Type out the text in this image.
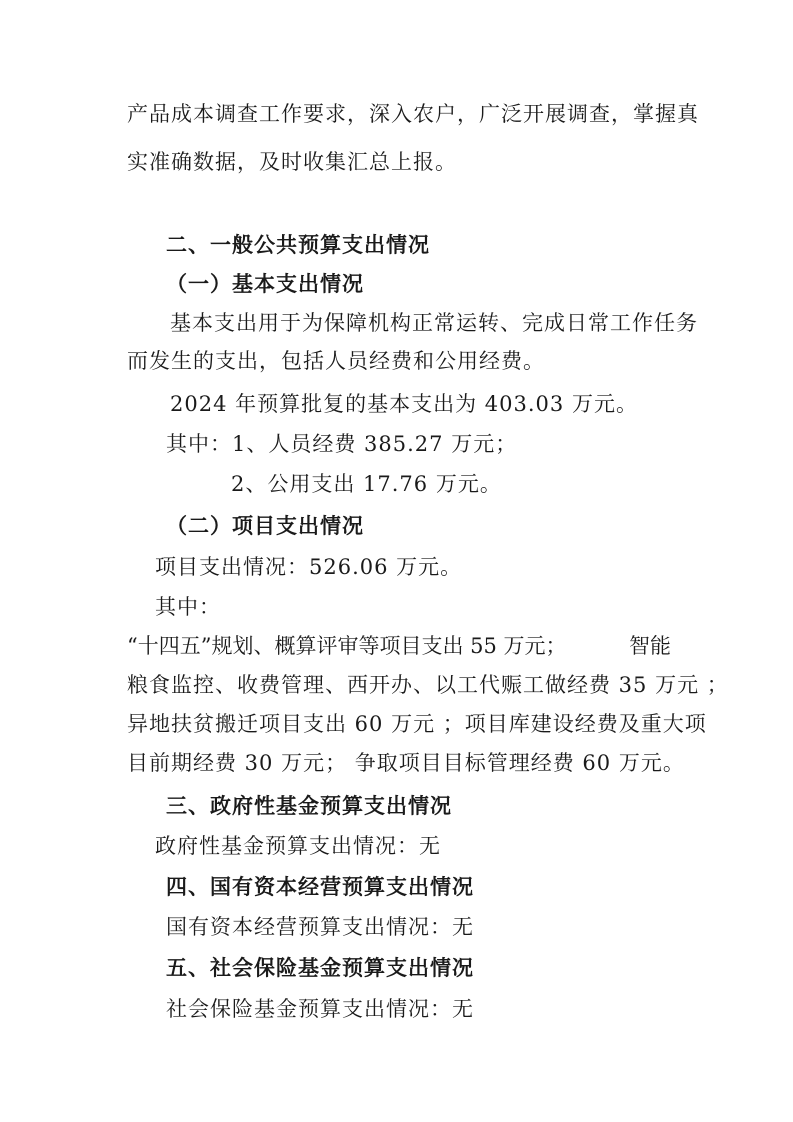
产品成本调查工作要求，深入农户，广泛开展调查，掌握真
实准确数据，及时收集汇总上报。
二、一般公共预算支出情况
（一）基本支出情况
基本支出用于为保障机构正常运转、完成日常工作任务
而发生的支出，包括人员经费和公用经费。
2024 年预算批复的基本支出为 403.03 万元。
其中：1、人员经费 385.27 万元；
2、公用支出 17.76 万元。
（二）项目支出情况
项目支出情况：526.06 万元。
其中：
“十四五”规划、概算评审等项目支出 55 万元；	智能
粮食监控、收费管理、西开办、以工代赈工做经费 35 万元 ；
异地扶贫搬迁项目支出 60 万元 ；项目库建设经费及重大项
目前期经费 30 万元； 争取项目目标管理经费 60 万元。
三、政府性基金预算支出情况
政府性基金预算支出情况：无
四、国有资本经营预算支出情况
国有资本经营预算支出情况：无
五、社会保险基金预算支出情况
社会保险基金预算支出情况：无
